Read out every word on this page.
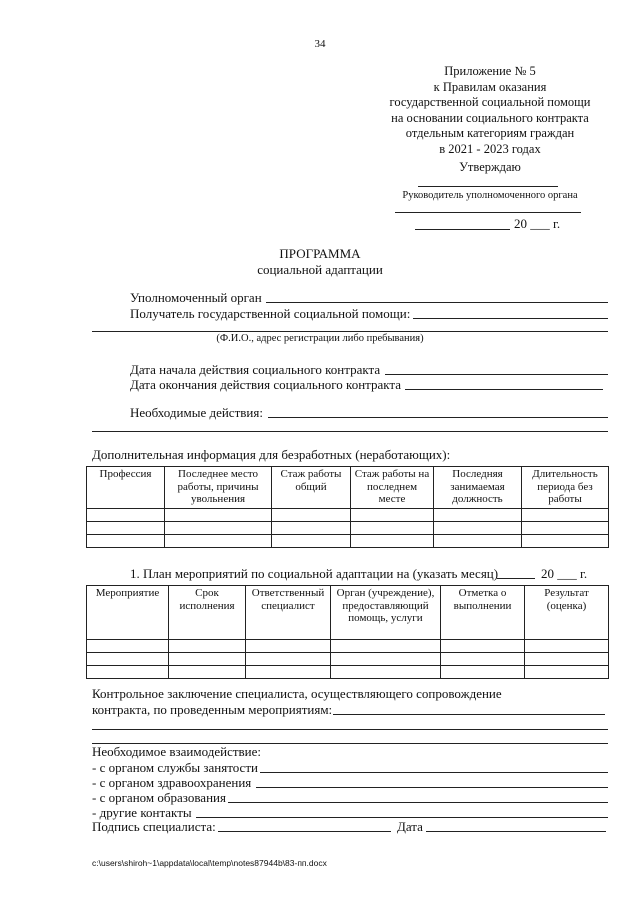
34
Приложение № 5
к Правилам оказания
государственной социальной помощи
на основании социального контракта
отдельным категориям граждан
в 2021 - 2023 годах
Утверждаю
Руководитель уполномоченного органа
20 ___ г.
ПРОГРАММА
социальной адаптации
Уполномоченный орган
Получатель государственной социальной помощи:
(Ф.И.О., адрес регистрации либо пребывания)
Дата начала действия социального контракта
Дата окончания действия социального контракта
Необходимые действия:
Дополнительная информация для безработных (неработающих):
Профессия	Последнее место работы, причины увольнения	Стаж работы общий	Стаж работы на последнем месте	Последняя занимаемая должность	Длительность периода без работы

1. План мероприятий по социальной адаптации на (указать месяц)	20 ___ г.
Мероприятие	Срок исполнения	Ответственный специалист	Орган (учреждение), предоставляющий помощь, услуги	Отметка о выполнении	Результат (оценка)

Контрольное заключение специалиста, осуществляющего сопровождение
контракта, по проведенным мероприятиям:
Необходимое взаимодействие:
- с органом службы занятости
- с органом здравоохранения
- с органом образования
- другие контакты
Подпись специалиста:	Дата
c:\users\shiroh~1\appdata\local\temp\notes87944b\83-пп.docx
